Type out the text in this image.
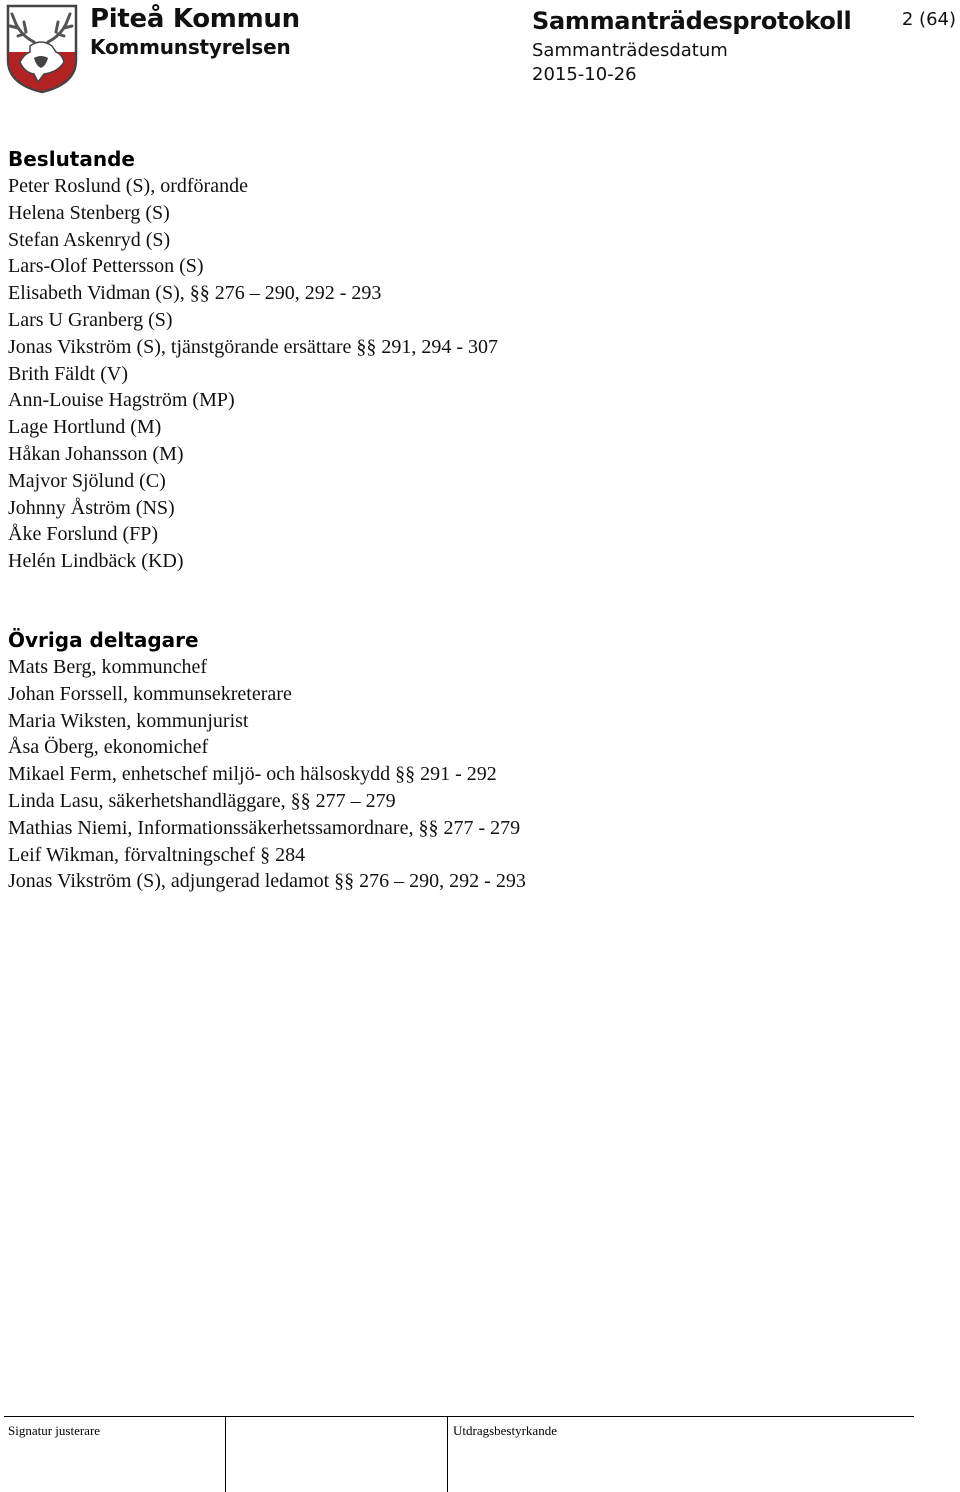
Piteå Kommun
Kommunstyrelsen
Sammanträdesprotokoll
Sammanträdesdatum
2015-10-26
2 (64)
Beslutande
Peter Roslund (S), ordförande
Helena Stenberg (S)
Stefan Askenryd (S)
Lars-Olof Pettersson (S)
Elisabeth Vidman (S), §§ 276 – 290, 292 - 293
Lars U Granberg (S)
Jonas Vikström (S), tjänstgörande ersättare §§ 291, 294 - 307
Brith Fäldt (V)
Ann-Louise Hagström (MP)
Lage Hortlund (M)
Håkan Johansson (M)
Majvor Sjölund (C)
Johnny Åström (NS)
Åke Forslund (FP)
Helén Lindbäck (KD)
Övriga deltagare
Mats Berg, kommunchef
Johan Forssell, kommunsekreterare
Maria Wiksten, kommunjurist
Åsa Öberg, ekonomichef
Mikael Ferm, enhetschef miljö- och hälsoskydd §§ 291 - 292
Linda Lasu, säkerhetshandläggare, §§ 277 – 279
Mathias Niemi, Informationssäkerhetssamordnare, §§ 277 - 279
Leif Wikman, förvaltningschef § 284
Jonas Vikström (S), adjungerad ledamot §§ 276 – 290, 292 - 293
Signatur justerare	Utdragsbestyrkande
